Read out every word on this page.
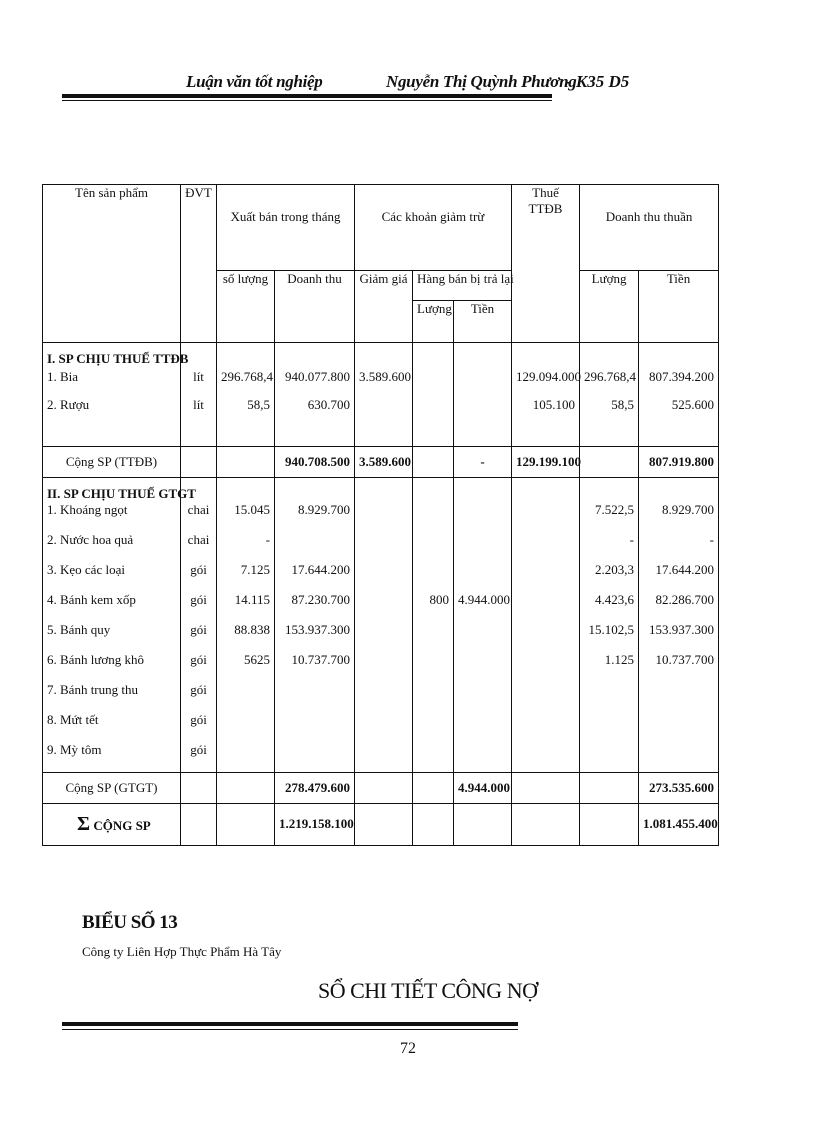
Luận văn tốt nghiệp	Nguyễn Thị Quỳnh Phương
- K35 D5
Tên sản phẩm	ĐVT	Xuất bán trong tháng		Các khoản giảm trừ			Thuế TTĐB	Doanh thu thuần	
		số lượng	Doanh thu	Giảm giá	Hàng bán bị trả lại			Lượng	Tiền
					Lượng	Tiền			
I. SP CHỊU THUẾ TTĐB									
1. Bia	lít	296.768,4	940.077.800	3.589.600			129.094.000	296.768,4	807.394.200
2. Rượu	lít	58,5	630.700				105.100	58,5	525.600
Cộng SP (TTĐB)			940.708.500	3.589.600		-	129.199.100		807.919.800
II. SP CHỊU THUẾ GTGT									
1. Khoáng ngọt	chai	15.045	8.929.700					7.522,5	8.929.700
2. Nước hoa quả	chai	-						-	-
3. Kẹo các loại	gói	7.125	17.644.200					2.203,3	17.644.200
4. Bánh kem xốp	gói	14.115	87.230.700		800	4.944.000		4.423,6	82.286.700
5. Bánh quy	gói	88.838	153.937.300					15.102,5	153.937.300
6. Bánh lương khô	gói	5625	10.737.700					1.125	10.737.700
7. Bánh trung thu	gói								
8. Mứt tết	gói								
9. Mỳ tôm	gói								
Cộng SP (GTGT)			278.479.600			4.944.000			273.535.600
Σ CỘNG SP			1.219.158.100						1.081.455.400
BIỂU SỐ 13
Công ty Liên Hợp Thực Phẩm Hà Tây
SỔ CHI TIẾT CÔNG NỢ
72
